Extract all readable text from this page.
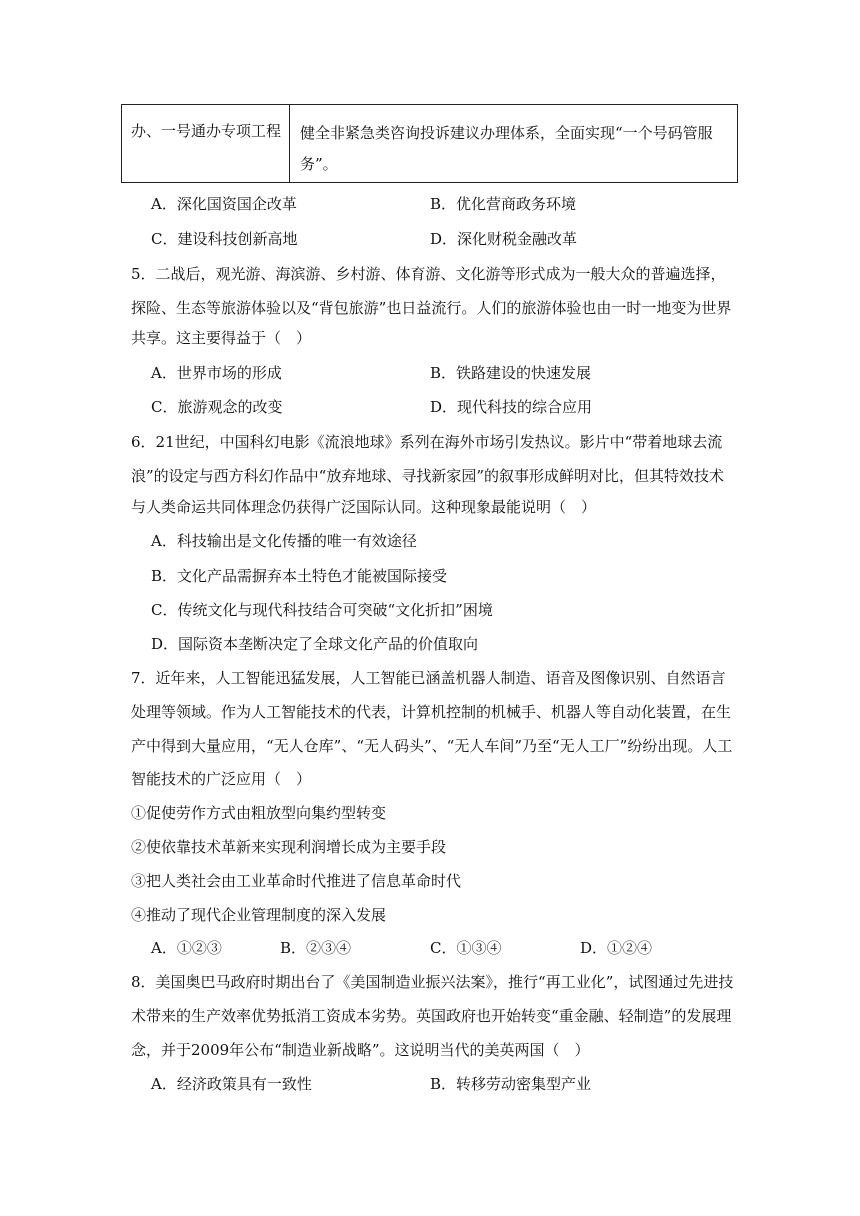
办、一号通办专项工程	健全非紧急类咨询投诉建议办理体系，全面实现“一个号码管服务”。
A．深化国资国企改革	B．优化营商政务环境
C．建设科技创新高地	D．深化财税金融改革
5．二战后，观光游、海滨游、乡村游、体育游、文化游等形式成为一般大众的普遍选择，
探险、生态等旅游体验以及“背包旅游”也日益流行。人们的旅游体验也由一时一地变为世界
共享。这主要得益于（　）
A．世界市场的形成	B．铁路建设的快速发展
C．旅游观念的改变	D．现代科技的综合应用
6．21世纪，中国科幻电影《流浪地球》系列在海外市场引发热议。影片中“带着地球去流
浪”的设定与西方科幻作品中“放弃地球、寻找新家园”的叙事形成鲜明对比，但其特效技术
与人类命运共同体理念仍获得广泛国际认同。这种现象最能说明（　）
A．科技输出是文化传播的唯一有效途径
B．文化产品需摒弃本土特色才能被国际接受
C．传统文化与现代科技结合可突破“文化折扣”困境
D．国际资本垄断决定了全球文化产品的价值取向
7．近年来，人工智能迅猛发展，人工智能已涵盖机器人制造、语音及图像识别、自然语言
处理等领域。作为人工智能技术的代表，计算机控制的机械手、机器人等自动化装置，在生
产中得到大量应用，“无人仓库”、“无人码头”、“无人车间”乃至“无人工厂”纷纷出现。人工
智能技术的广泛应用（　）
①促使劳作方式由粗放型向集约型转变
②使依靠技术革新来实现利润增长成为主要手段
③把人类社会由工业革命时代推进了信息革命时代
④推动了现代企业管理制度的深入发展
A．①②③	B．②③④	C．①③④	D．①②④
8．美国奥巴马政府时期出台了《美国制造业振兴法案》，推行“再工业化”，试图通过先进技
术带来的生产效率优势抵消工资成本劣势。英国政府也开始转变“重金融、轻制造”的发展理
念，并于2009年公布“制造业新战略”。这说明当代的美英两国（　）
A．经济政策具有一致性	B．转移劳动密集型产业
